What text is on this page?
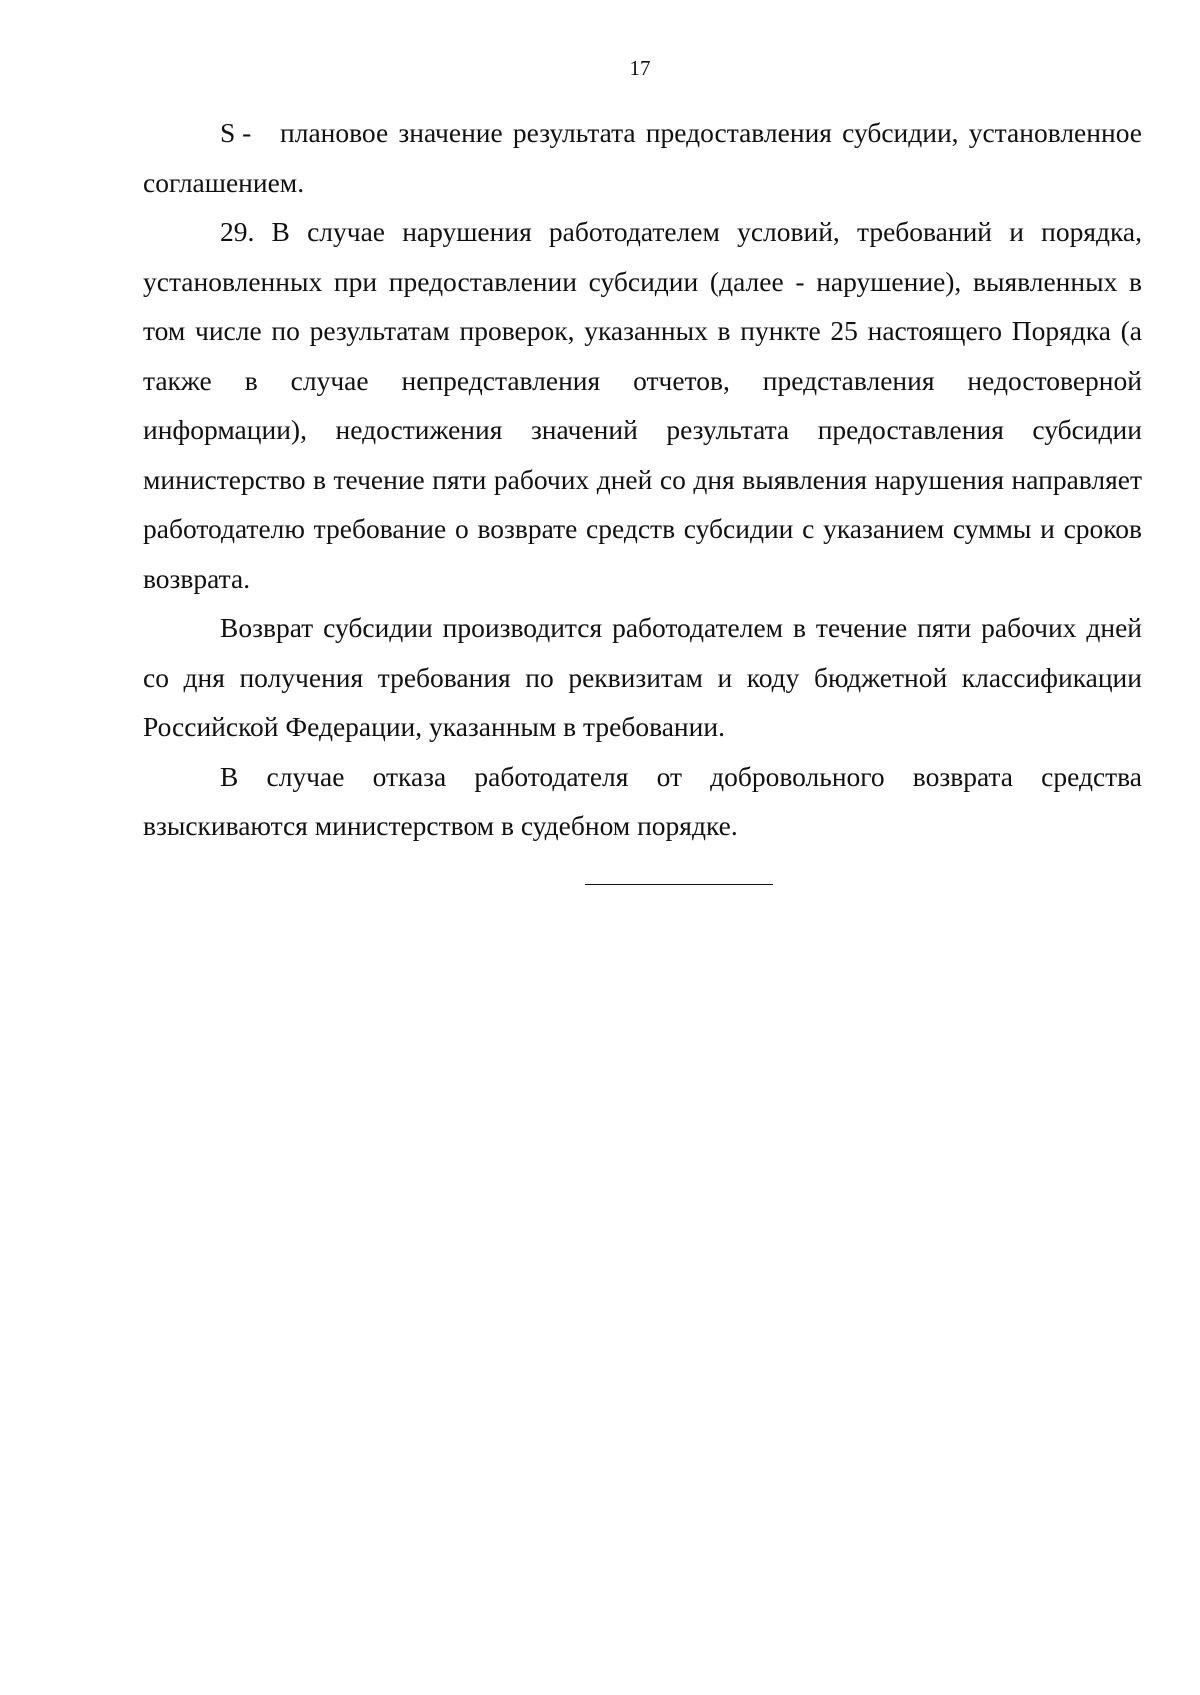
17

S - плановое значение результата предоставления субсидии, установленное соглашением.

29. В случае нарушения работодателем условий, требований и порядка, установленных при предоставлении субсидии (далее - нарушение), выявленных в том числе по результатам проверок, указанных в пункте 25 настоящего Порядка (а также в случае непредставления отчетов, представления недостоверной информации), недостижения значений результата предоставления субсидии министерство в течение пяти рабочих дней со дня выявления нарушения направляет работодателю требование о возврате средств субсидии с указанием суммы и сроков возврата.

Возврат субсидии производится работодателем в течение пяти рабочих дней со дня получения требования по реквизитам и коду бюджетной классификации Российской Федерации, указанным в требовании.

В случае отказа работодателя от добровольного возврата средства взыскиваются министерством в судебном порядке.
